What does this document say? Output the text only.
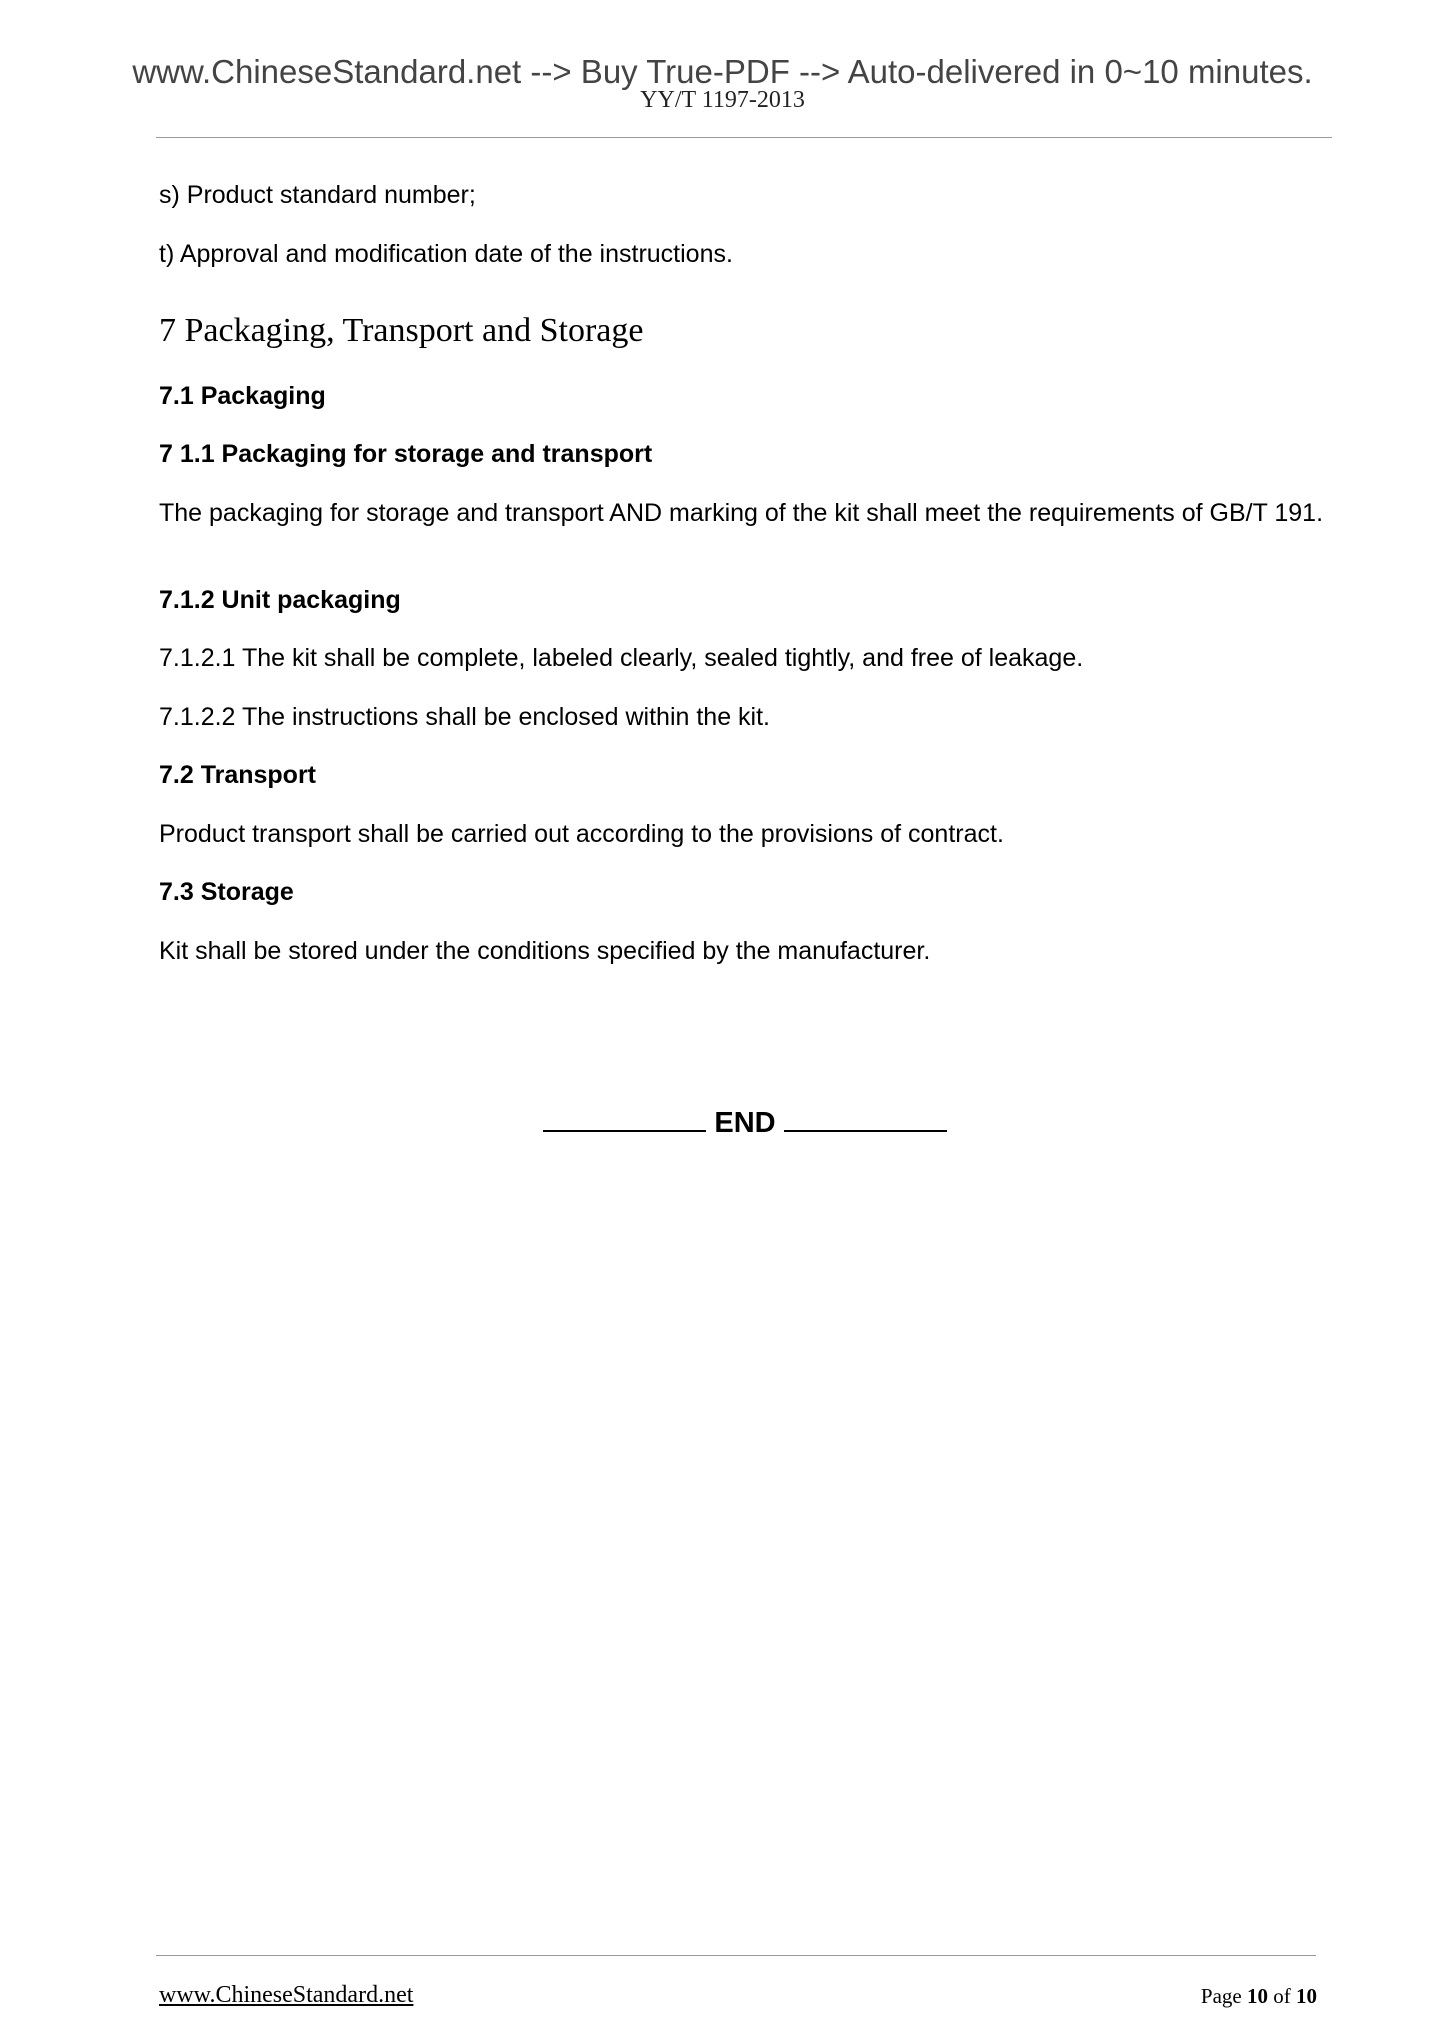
www.ChineseStandard.net --> Buy True-PDF --> Auto-delivered in 0~10 minutes.
YY/T 1197-2013

s) Product standard number;

t) Approval and modification date of the instructions.

7 Packaging, Transport and Storage

7.1 Packaging

7 1.1 Packaging for storage and transport

The packaging for storage and transport AND marking of the kit shall meet the requirements of GB/T 191.

7.1.2 Unit packaging

7.1.2.1 The kit shall be complete, labeled clearly, sealed tightly, and free of leakage.

7.1.2.2 The instructions shall be enclosed within the kit.

7.2 Transport

Product transport shall be carried out according to the provisions of contract.

7.3 Storage

Kit shall be stored under the conditions specified by the manufacturer.

END
www.ChineseStandard.net	Page 10 of 10
